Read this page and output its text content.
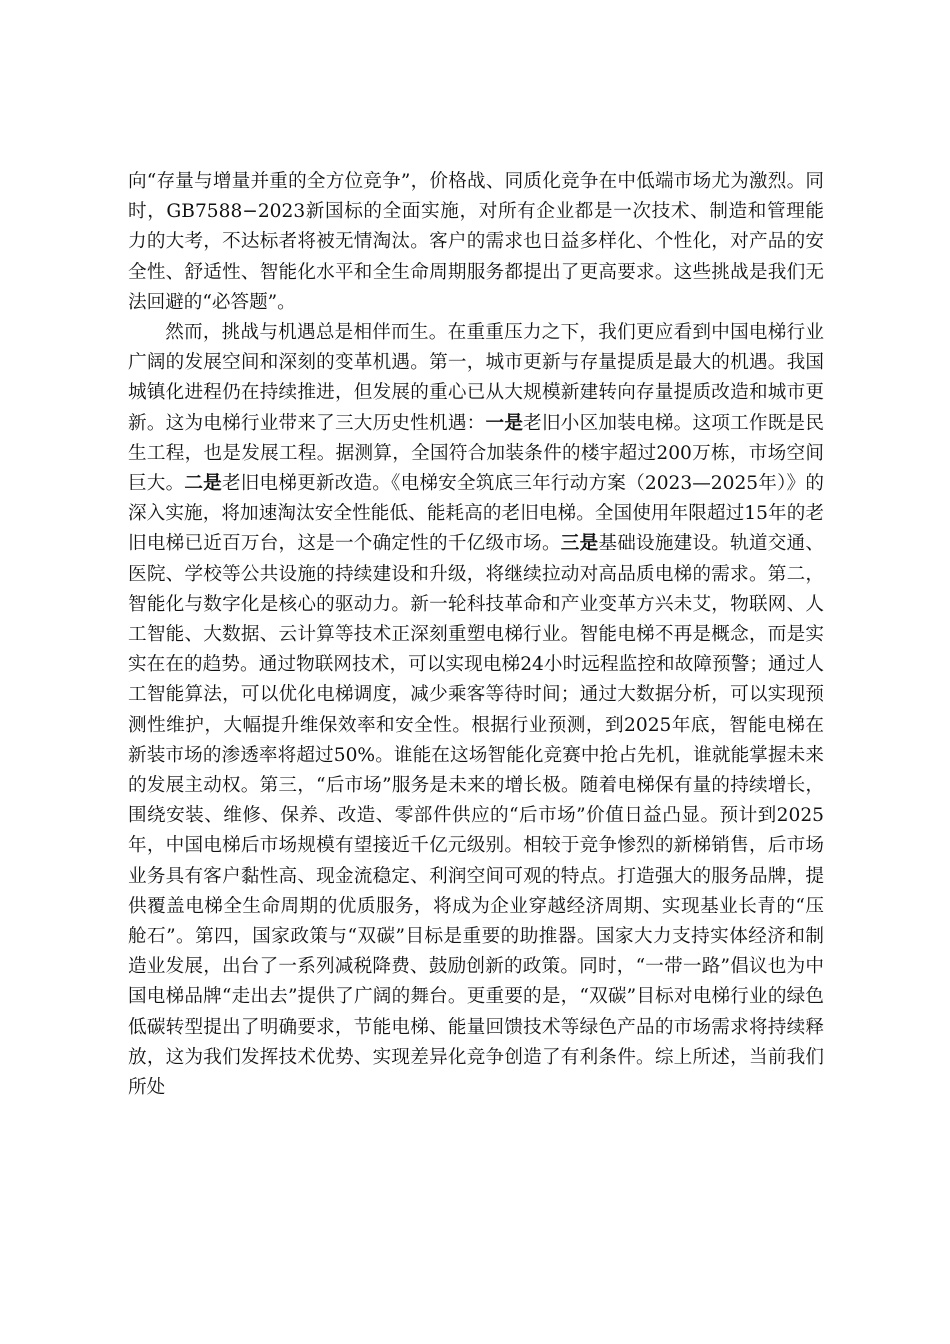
向“存量与增量并重的全方位竞争”，价格战、同质化竞争在中低端市场尤为激烈。同时，GB7588−2023新国标的全面实施，对所有企业都是一次技术、制造和管理能力的大考，不达标者将被无情淘汰。客户的需求也日益多样化、个性化，对产品的安全性、舒适性、智能化水平和全生命周期服务都提出了更高要求。这些挑战是我们无法回避的“必答题”。

然而，挑战与机遇总是相伴而生。在重重压力之下，我们更应看到中国电梯行业广阔的发展空间和深刻的变革机遇。第一，城市更新与存量提质是最大的机遇。我国城镇化进程仍在持续推进，但发展的重心已从大规模新建转向存量提质改造和城市更新。这为电梯行业带来了三大历史性机遇：一是老旧小区加装电梯。这项工作既是民生工程，也是发展工程。据测算，全国符合加装条件的楼宇超过200万栋，市场空间巨大。二是老旧电梯更新改造。《电梯安全筑底三年行动方案（2023—2025年）》的深入实施，将加速淘汰安全性能低、能耗高的老旧电梯。全国使用年限超过15年的老旧电梯已近百万台，这是一个确定性的千亿级市场。三是基础设施建设。轨道交通、医院、学校等公共设施的持续建设和升级，将继续拉动对高品质电梯的需求。第二，智能化与数字化是核心的驱动力。新一轮科技革命和产业变革方兴未艾，物联网、人工智能、大数据、云计算等技术正深刻重塑电梯行业。智能电梯不再是概念，而是实实在在的趋势。通过物联网技术，可以实现电梯24小时远程监控和故障预警；通过人工智能算法，可以优化电梯调度，减少乘客等待时间；通过大数据分析，可以实现预测性维护，大幅提升维保效率和安全性。根据行业预测，到2025年底，智能电梯在新装市场的渗透率将超过50%。谁能在这场智能化竞赛中抢占先机，谁就能掌握未来的发展主动权。第三，“后市场”服务是未来的增长极。随着电梯保有量的持续增长，围绕安装、维修、保养、改造、零部件供应的“后市场”价值日益凸显。预计到2025年，中国电梯后市场规模有望接近千亿元级别。相较于竞争惨烈的新梯销售，后市场业务具有客户黏性高、现金流稳定、利润空间可观的特点。打造强大的服务品牌，提供覆盖电梯全生命周期的优质服务，将成为企业穿越经济周期、实现基业长青的“压舱石”。第四，国家政策与“双碳”目标是重要的助推器。国家大力支持实体经济和制造业发展，出台了一系列减税降费、鼓励创新的政策。同时，“一带一路”倡议也为中国电梯品牌“走出去”提供了广阔的舞台。更重要的是，“双碳”目标对电梯行业的绿色低碳转型提出了明确要求，节能电梯、能量回馈技术等绿色产品的市场需求将持续释放，这为我们发挥技术优势、实现差异化竞争创造了有利条件。综上所述，当前我们所处
